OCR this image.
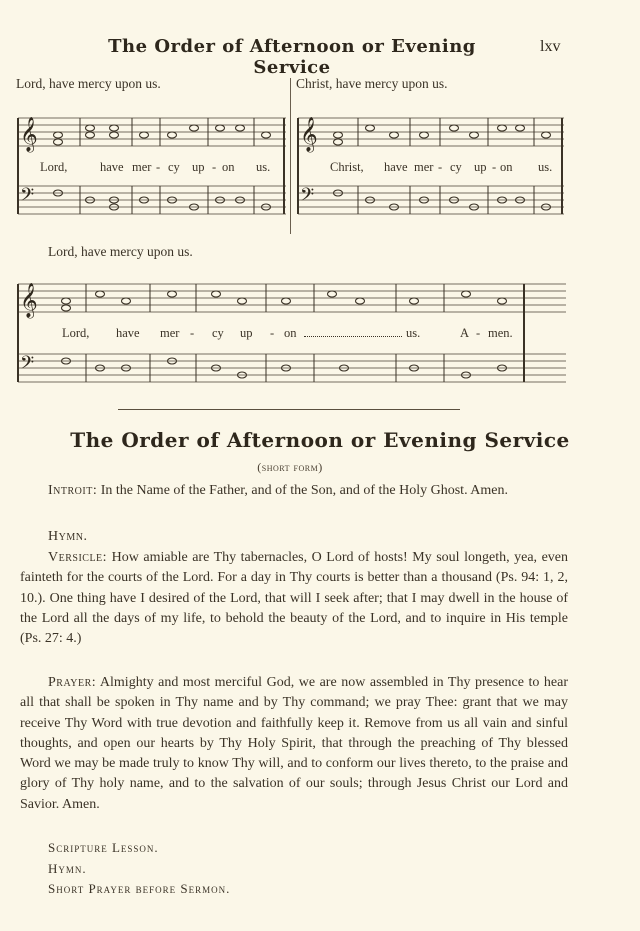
The Order of Afternoon or Evening Service
lxv
Lord, have mercy upon us.
𝄞
𝄢
Lord,	have mer - cy up - on us.
Christ, have mercy upon us.
𝄞
𝄢
Christ, have mer - cy up - on us.
Lord, have mercy upon us.
𝄞
𝄢
Lord, have mer - cy up - on	us.	A - men.
The Order of Afternoon or Evening Service
(short form)
Introit: In the Name of the Father, and of the Son, and of the Holy Ghost. Amen.
Hymn.
Versicle: How amiable are Thy tabernacles, O Lord of hosts! My soul longeth, yea, even fainteth for the courts of the Lord. For a day in Thy courts is better than a thousand (Ps. 94: 1, 2, 10.). One thing have I desired of the Lord, that will I seek after; that I may dwell in the house of the Lord all the days of my life, to behold the beauty of the Lord, and to inquire in His temple (Ps. 27: 4.)
Prayer: Almighty and most merciful God, we are now assembled in Thy presence to hear all that shall be spoken in Thy name and by Thy command; we pray Thee: grant that we may receive Thy Word with true devotion and faithfully keep it. Remove from us all vain and sinful thoughts, and open our hearts by Thy Holy Spirit, that through the preaching of Thy blessed Word we may be made truly to know Thy will, and to conform our lives thereto, to the praise and glory of Thy holy name, and to the salvation of our souls; through Jesus Christ our Lord and Savior. Amen.
Scripture Lesson.
Hymn.
Short Prayer before Sermon.
